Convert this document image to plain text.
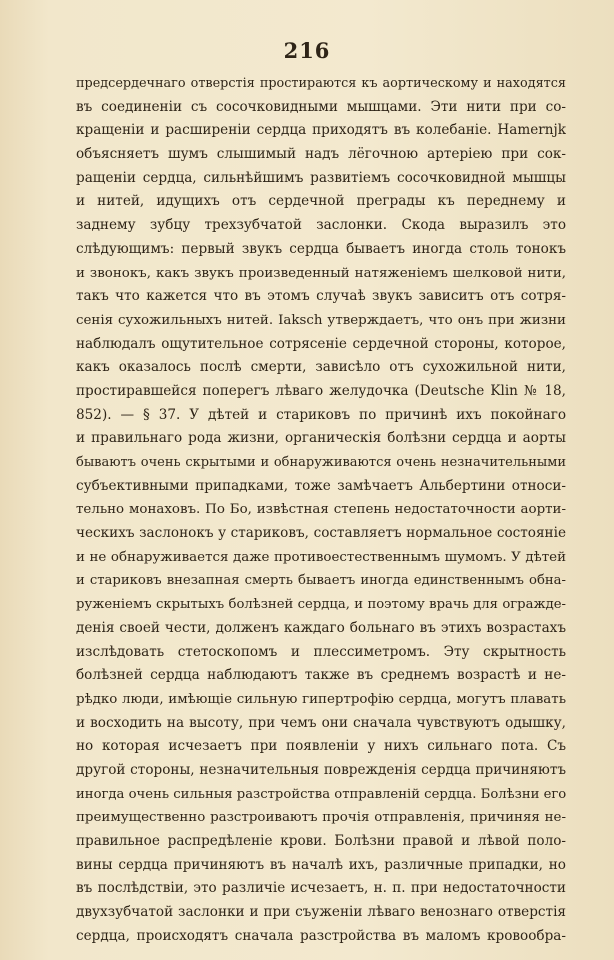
216
предсердечнаго отверстія простираются къ аортическому и находятся
въ соединеніи съ сосочковидными мышцами. Эти нити при со-
кращеніи и расширеніи сердца приходятъ въ колебаніе. Hamernjk
объясняетъ шумъ слышимый надъ лёгочною артеріею при сок-
ращеніи сердца, сильнѣйшимъ развитіемъ сосочковидной мышцы
и нитей, идущихъ отъ сердечной преграды къ переднему и
заднему зубцу трехзубчатой заслонки. Скода выразилъ это
слѣдующимъ: первый звукъ сердца бываетъ иногда столь тонокъ
и звонокъ, какъ звукъ произведенный натяженіемъ шелковой нити,
такъ что кажется что въ этомъ случаѣ звукъ зависитъ отъ сотря-
сенія сухожильныхъ нитей. Iaksch утверждаетъ, что онъ при жизни
наблюдалъ ощутительное сотрясеніе сердечной стороны, которое,
какъ оказалось послѣ смерти, зависѣло отъ сухожильной нити,
простиравшейся поперегъ лѣваго желудочка (Deutsche Klin № 18,
852). — § 37. У дѣтей и стариковъ по причинѣ ихъ покойнаго
и правильнаго рода жизни, органическія болѣзни сердца и аорты
бываютъ очень скрытыми и обнаруживаются очень незначительными
субъективными припадками, тоже замѣчаетъ Альбертини относи-
тельно монаховъ. По Бо, извѣстная степень недостаточности аорти-
ческихъ заслонокъ у стариковъ, составляетъ нормальное состояніе
и не обнаруживается даже противоестественнымъ шумомъ. У дѣтей
и стариковъ внезапная смерть бываетъ иногда единственнымъ обна-
руженіемъ скрытыхъ болѣзней сердца, и поэтому врачь для огражде-
денія своей чести, долженъ каждаго больнаго въ этихъ возрастахъ
изслѣдовать стетоскопомъ и плессиметромъ. Эту скрытность
болѣзней сердца наблюдаютъ также въ среднемъ возрастѣ и не-
рѣдко люди, имѣющіе сильную гипертрофію сердца, могутъ плавать
и восходить на высоту, при чемъ они сначала чувствуютъ одышку,
но которая исчезаетъ при появленіи у нихъ сильнаго пота. Съ
другой стороны, незначительныя поврежденія сердца причиняютъ
иногда очень сильныя разстройства отправленій сердца. Болѣзни его
преимущественно разстроиваютъ прочія отправленія, причиняя не-
правильное распредѣленіе крови. Болѣзни правой и лѣвой поло-
вины сердца причиняютъ въ началѣ ихъ, различные припадки, но
въ послѣдствіи, это различіе исчезаетъ, н. п. при недостаточности
двухзубчатой заслонки и при съуженіи лѣваго венознаго отверстія
сердца, происходятъ сначала разстройства въ маломъ кровообра-
